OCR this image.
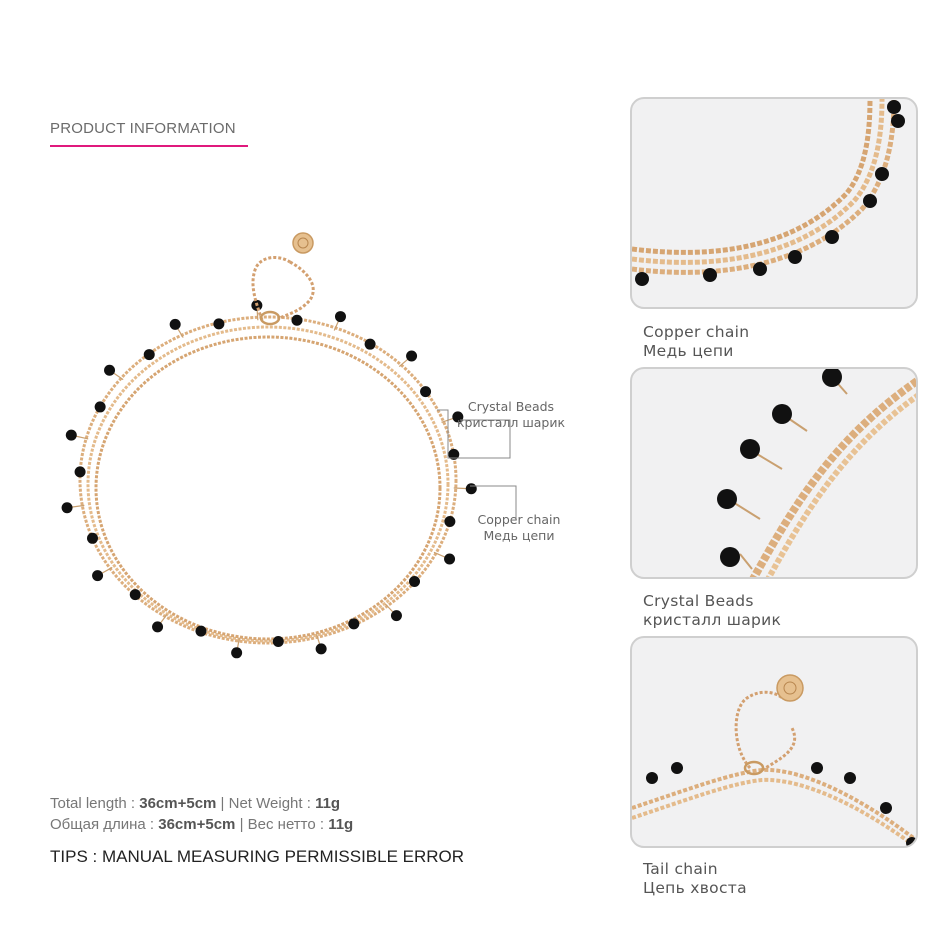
PRODUCT INFORMATION
Crystal Beads
кристалл шарик
Copper chain
Медь цепи
Total length : 36cm+5cm | Net Weight : 11g
Общая длина : 36cm+5cm | Вес нетто : 11g
TIPS : MANUAL MEASURING PERMISSIBLE ERROR
Copper chain
Медь цепи
Crystal Beads
кристалл шарик
Tail chain
Цепь хвоста
